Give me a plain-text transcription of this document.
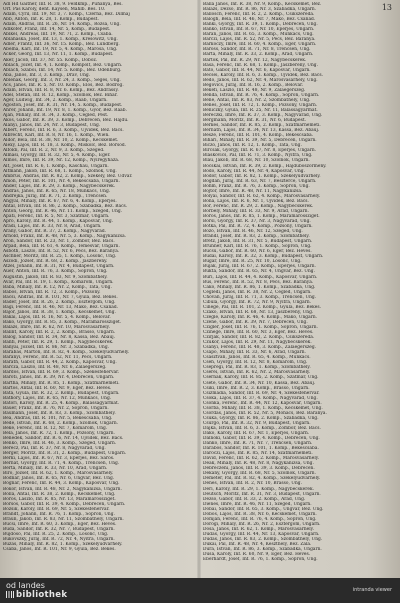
13
Adl Hd Gaither, Inf. R. 38, 9. Feldkmp., Puhanya, Bes.
Orf. Pas Karoly, dent. Kaysen, Mahlb. Bes. 10.
Adam, Cyril, Inf. 19, Nr. 3, 7. Komp., Czerna, Bez. Dilmaj
Abb, Anton, Inf. R. 28, 1. Komp., Budapest.
Adam, Andras, Inf. R. 26, Nr. 14. Komp., Rozsa, Ung.
Adlkofer, Franz, Inf. 14, Nr. 5, Komp., Budapest.
Ablkel, Andreas, Inf. 19, Nr. 71, 2. Komp., Csaba.
Ablahaska, Josef, Inf. 13, 1. Komp., Kresowitz, Ung.
Adler, Frantz, Inf. 36, Nr. 15. Komp., Bez. Lundberg.
Abelha, Karl, Inf. 19, Nr. 5, 4. Komp., Marosa, Ung.
Acker, Georg, Inf. 13, Nr. 11, 1. Komp., Budapest.
Aker, Jacob, Inf. 37, Nr. 55. Komp., Doboz.
Ablach, Jozef, Inf. 4, 1. Komp., Kompolt, Bez. Ungarn.
Ablach, Szaboi, Inf. 14, Nr. 5. Komp., Bez. Odenburg.
Aba, Janos, Inf. 3, 3. Komp., Drav, Ung.
Ablenak, Georg, Inf. 3, Nr. 24, 3. Komp., Seges, Ung.
Acs, Janos, Inf. R. 5, Nr. 10. Komp., Elos, Bez. Bodrog.
Adam, Istvan, Inf. R. 8, Nr. 6. Komp., Bez. Andrassy.
Adel, Stefan, Inf. R. 12, Komp., Szolnok, Bez. Bihar.
Ager, Ludwig, Inf. 34, 2. Komp., Raab, Ungarn.
Agoston, Josef, Inf. R. 31, Nr. 14, 5. Komp., Budapest.
Ahrer, Johann, Inf. 19, Nr. 8, 1. Komp., Gyor, Bez. Raab.
Ajan, Mihaly, Inf. R. 34, 3. Komp., Cegled, Pest.
Akos, Gabor, Inf. R. 39, 3. Komp., Debrecen, Bez. Hajdu.
Alanyi, Janos, Inf. 24, Nr. 3, Budapest, Ung.
Albert, Ferenc, Inf. R. 6, 3. Komp., Ujvidek, Bez. Bacs.
Albrecht, Karl, Inf. R. 8, Nr. 16, 1. Komp., Wien.
Aldor, Bela, Inf. R. 38, Nr. 10, 2. Komp., Kecskemet.
Alexy, Lajos, Inf. R. 18, 3. Komp., Miskolc, Bez. Borsod.
Alfoldi, Pal, Inf. R. 2, Nr. 9, 3. Komp., Szeged.
Almasi, Gyorgy, Inf. R. 32, Nr. 5, 4. Komp., Eger.
Almos, Imre, Inf. R. 39, Nr. 12, Komp., Nyiregyhaza.
Alt, Josef, Inf. R. 6, 1. Komp., Kaschau, Ungarn.
Altmann, Jakob, Inf. R. 68, 1. Komp., Szolnok, Ung.
Ambrus, Andras, Inf. R. 82, 2. Komp., Szekely, Bez. Udvar.
Amon, Peter, Inf. R. 101, Nr. 4, Bekescsaba, Ungarn.
Ander, Lajos, Inf. R. 29, 3. Komp., Nagybecskerek.
Andras, Janos, Inf. R. 65, Nr. 18, Munkacs, Ung.
Andrejka, Juraj, Inf. R. 71, 2. Komp., Trencsen.
Angyal, Mihaly, Inf. R. 67, Nr. 6, 4. Komp., Eperjes.
Antal, Istvan, Inf. R. 86, 2. Komp., Szabadka, Bez. Bacs.
Anton, Georg, Inf. R. 46, Nr. 11. Komp., Szeged, Ung.
Apati, Ferenc, Inf. R. 5, Nr. 3, Szatmar, Ungarn.
Apro, Karoly, Inf. R. 44, 1. Komp., Kaposvar, Ung.
Aradi, Lajos, Inf. R. 33, Nr. 8, Arad, Ungarn.
Arany, Gabor, Inf. R. 37, 2. Komp., Nagyvarad.
Arnold, Franz, Inf. R. 48, Nr. 5, 3. Komp., Nagykanizsa.
Aron, Sandor, Inf. R. 23, Nr. 1, Zombor, Bez. Bacs.
Arpad, Bela, Inf. R. 61, 4. Komp., Temesvar, Ungarn.
Asboth, Laszlo, Inf. R. 52, Nr. 6, Pecs, Bez. Baranya.
Aschner, Moritz, Inf. R. 25, 1. Komp., Losonc, Ung.
Aszodi, Jozsef, Inf. R. 68, 2. Komp., Jaszbereny.
Atzel, Johann, Inf. R. 31, Nr. 4, Budapest, Ungarn.
Auer, Anton, Inf. R. 76, 3. Komp., Sopron, Ung.
Augustin, Jakob, Inf. R. 83, Nr. 9, Szombathely.
Avar, Pal, Inf. R. 19, 1. Komp., Komarom, Ungarn.
Baba, Mihaly, Inf. R. 12, Nr. 2, Komp., Tata, Ung.
Babos, Istvan, Inf. R. 72, 3. Komp., Pozsony.
Bacsi, Andras, Inf. R. 101, Nr. 7, Gyula, Bez. Bekes.
Bader, Josef, Inf. R. 26, 2. Komp., Esztergom, Ung.
Bagi, Ferenc, Inf. R. 46, Nr. 13, Mako, Bez. Csanad.
Bajor, Janos, Inf. R. 38, 1. Komp., Kecskemet, Ung.
Bakai, Lajos, Inf. R. 16, Nr. 5, 4. Komp., Belovar.
Bako, Gyorgy, Inf. R. 85, 3. Komp., Maramarossziget.
Balazs, Imre, Inf. R. 62, Nr. 10, Marosvasarhely.
Balint, Karoly, Inf. R. 2, 2. Komp., Brasso, Ungarn.
Balog, Sandor, Inf. R. 34, Nr. 8, Kassa, Bez. Abauj.
Banfi, Peter, Inf. R. 29, 1. Komp., Nagybecskerek.
Banyai, Jozsef, Inf. R. 86, Nr. 3, Szabadka, Ung.
Barabas, Marton, Inf. R. 82, 4. Komp., Szekelyudvarhely.
Baranyi, Ferenc, Inf. R. 52, Nr. 11, Pecs, Ungarn.
Barath, Gabor, Inf. R. 44, 2. Komp., Kaposvar, Ung.
Barcza, Laszlo, Inf. R. 48, Nr. 6, Zalaegerszeg.
Bardos, Istvan, Inf. R. 69, 3. Komp., Szekesfehervar.
Baroti, Janos, Inf. R. 39, Nr. 4, Debrecen, Ungarn.
Bartha, Mihaly, Inf. R. 85, 1. Komp., Szatmarnemeti.
Bartos, Antal, Inf. R. 60, Nr. 9, Eger, Bez. Heves.
Bata, Gyula, Inf. R. 32, 2. Komp., Budapest, Ungarn.
Bathory, Lajos, Inf. R. 65, Nr. 12, Munkacs, Ung.
Batori, Karoly, Inf. R. 25, 4. Komp., Balassagyarmat.
Bauer, Franz, Inf. R. 76, Nr. 2, Sopron, Ungarn.
Baumann, Josef, Inf. R. 83, 3. Komp., Szombathely.
Bea, Andras, Inf. R. 101, Nr. 5, Bekescsaba, Ung.
Bede, Istvan, Inf. R. 68, 2. Komp., Szolnok, Ungarn.
Beke, Ferenc, Inf. R. 12, Nr. 7, Komarom, Ung.
Bela, Janos, Inf. R. 72, 1. Komp., Pozsony, Ungarn.
Benedek, Sandor, Inf. R. 6, Nr. 14, Ujvidek, Bez. Bacs.
Benko, Imre, Inf. R. 46, 3. Komp., Szeged, Ungarn.
Berecz, Pal, Inf. R. 37, Nr. 8, Nagyvarad, Ung.
Berger, Moritz, Inf. R. 31, 2. Komp., Budapest, Ungarn.
Berki, Lajos, Inf. R. 67, Nr. 3, Eperjes, Bez. Saros.
Bernat, Gyorgy, Inf. R. 71, 4. Komp., Trencsen, Ung.
Berta, Mihaly, Inf. R. 33, Nr. 10, Arad, Ungarn.
Biro, Jozsef, Inf. R. 62, 1. Komp., Marosvasarhely.
Bodnar, Janos, Inf. R. 65, Nr. 6, Ungvar, Bez. Ung.
Bognar, Ferenc, Inf. R. 44, 3. Komp., Kaposvar, Ung.
Bokor, Istvan, Inf. R. 48, Nr. 2, Nagykanizsa, Ungarn.
Bolla, Antal, Inf. R. 38, 2. Komp., Kecskemet, Ung.
Boros, Laszlo, Inf. R. 85, Nr. 13, Maramarossziget.
Borsos, Gabor, Inf. R. 39, 4. Komp., Debrecen, Ungarn.
Bozsik, Karoly, Inf. R. 69, Nr. 5, Szekesfehervar.
Brandt, Johann, Inf. R. 76, 1. Komp., Sopron, Ung.
Braun, Jakob, Inf. R. 83, Nr. 11, Szombathely, Ungarn.
Bucsi, Imre, Inf. R. 60, 3. Komp., Eger, Bez. Heves.
Buda, Sandor, Inf. R. 32, Nr. 7, Budapest, Ungarn.
Bujdoso, Pal, Inf. R. 25, 2. Komp., Losonc, Ung.
Bukovszky, Juraj, Inf. R. 72, Nr. 4, Nyitra, Ungarn.
Buzas, Mihaly, Inf. R. 82, 1. Komp., Szekelyudvarhely.
Csaba, Janos, Inf. R. 101, Nr. 9, Gyula, Bez. Bekes.
Balla Janos, Inf. R. 38, Nr. 9, Komp., Kecskemet, Bez.
Balazs, Dezso, Inf. R. 86, Nr. 3, Szabadka, Ungarn.
Ballosch, Ferenc, Inf. R. 2, 2. Komp., Csikszereda.
Balogh, Bela, Inf. R. 46, Nr. 7, Mako, Bez. Csanad.
Banki, Gyorgy, Inf. R. 39, 1. Komp., Debrecen, Ung.
Banko, Istvan, Inf. R. 67, Nr. 10, Eperjes, Ungarn.
Baran, Janos, Inf. R. 65, 3. Komp., Munkacs, Ung.
Barczi, Lajos, Inf. R. 52, Nr. 5, Pecs, Bez. Baranya.
Barkoczy, Imre, Inf. R. 60, 4. Komp., Eger, Ungarn.
Baross, Sandor, Inf. R. 71, Nr. 8, Trencsen, Ung.
Barta, Mihaly, Inf. R. 33, 2. Komp., Arad, Ungarn.
Bartok, Pal, Inf. R. 29, Nr. 12, Nagybecskerek.
Basa, Ferenc, Inf. R. 68, 1. Komp., Jaszbereny, Ung.
Bato, Gabor, Inf. R. 44, Nr. 6, Kaposvar, Ungarn.
Becsei, Karoly, Inf. R. 6, 3. Komp., Ujvidek, Bez. Bacs.
Bedo, Janos, Inf. R. 62, Nr. 4, Marosvasarhely, Ung.
Begovics, Juraj, Inf. R. 16, 2. Komp., Belovar.
Bekefi, Laszlo, Inf. R. 48, Nr. 9, Zalaegerszeg.
Benda, Istvan, Inf. R. 76, 4. Komp., Sopron, Ungarn.
Bene, Antal, Inf. R. 83, Nr. 2, Szombathely, Ung.
Benes, Josef, Inf. R. 72, 1. Komp., Pozsony, Ungarn.
Beniczky, Gyula, Inf. R. 25, Nr. 11, Balassagyarmat.
Bereczki, Imre, Inf. R. 37, 3. Komp., Nagyvarad, Ung.
Bergmann, Moritz, Inf. R. 31, Nr. 6, Budapest.
Berkes, Sandor, Inf. R. 85, 2. Komp., Szatmarnemeti.
Bernath, Lajos, Inf. R. 34, Nr. 13, Kassa, Bez. Abauj.
Besze, Ferenc, Inf. R. 101, 4. Komp., Bekescsaba.
Bihari, Mihaly, Inf. R. 39, Nr. 5, Debrecen, Ungarn.
Biczo, Janos, Inf. R. 12, 1. Komp., Tata, Ung.
Bircsak, Gyorgy, Inf. R. 67, Nr. 8, Eperjes, Ungarn.
Blaskovics, Pal, Inf. R. 71, 3. Komp., Nyitra, Ung.
Blau, Jakob, Inf. R. 68, Nr. 10, Szolnok, Ungarn.
Bocskai, Istvan, Inf. R. 39, 2. Komp., Hajduboszormeny.
Bodo, Karoly, Inf. R. 44, Nr. 4, Kaposvar, Ung.
Bodor, Gabor, Inf. R. 82, 1. Komp., Szekelyudvarhely.
Bogdan, Juraj, Inf. R. 63, Nr. 7, Beszterce, Ungarn.
Bohm, Franz, Inf. R. 76, 3. Komp., Sopron, Ung.
Bojtor, Imre, Inf. R. 48, Nr. 11, Nagykanizsa.
Bolyai, Sandor, Inf. R. 62, 4. Komp., Marosvasarhely.
Bona, Lajos, Inf. R. 6, Nr. 1, Ujvidek, Bez. Bacs.
Bor, Ferenc, Inf. R. 29, 2. Komp., Nagybecskerek.
Borbely, Mihaly, Inf. R. 33, Nr. 9, Arad, Ungarn.
Boros, Janos, Inf. R. 85, 1. Komp., Maramarossziget.
Borsi, Gyorgy, Inf. R. 37, Nr. 3, Nagyvarad, Ung.
Botka, Pal, Inf. R. 72, 4. Komp., Pozsony, Ungarn.
Bozo, Istvan, Inf. R. 46, Nr. 12, Szeged, Ung.
Brandl, Josef, Inf. R. 83, 2. Komp., Szombathely.
Bretz, Jakob, Inf. R. 31, Nr. 5, Budapest, Ungarn.
Brunner, Karl, Inf. R. 76, 1. Komp., Sopron, Ung.
Bucsu, Gabor, Inf. R. 60, Nr. 6, Eger, Bez. Heves.
Budai, Karoly, Inf. R. 32, 3. Komp., Budapest, Ungarn.
Bugar, Imre, Inf. R. 25, Nr. 10, Losonc, Ung.
Bujak, Juraj, Inf. R. 67, 2. Komp., Eperjes, Ungarn.
Bukta, Sandor, Inf. R. 65, Nr. 4, Ungvar, Bez. Ung.
Buri, Lajos, Inf. R. 44, 4. Komp., Kaposvar, Ungarn.
Bus, Ferenc, Inf. R. 52, Nr. 8, Pecs, Bez. Baranya.
Cakó, Mihaly, Inf. R. 86, 1. Komp., Szabadka, Ung.
Cegledi, Janos, Inf. R. 38, Nr. 2, Cegled, Ungarn.
Chovan, Juraj, Inf. R. 71, 3. Komp., Trencsen, Ung.
Cibula, Gyorgy, Inf. R. 72, Nr. 9, Nyitra, Ungarn.
Cinege, Pal, Inf. R. 101, 2. Komp., Gyula, Bez. Bekes.
Czako, Istvan, Inf. R. 68, Nr. 13, Jaszbereny, Ung.
Czegle, Karoly, Inf. R. 46, 4. Komp., Mako, Ungarn.
Czene, Gabor, Inf. R. 39, Nr. 7, Debrecen, Ung.
Czigler, Josef, Inf. R. 76, 1. Komp., Sopron, Ungarn.
Czinege, Imre, Inf. R. 60, Nr. 3, Eger, Bez. Heves.
Czirjak, Sandor, Inf. R. 82, 2. Komp., Csikszereda.
Czukor, Lajos, Inf. R. 29, Nr. 11, Nagybecskerek.
Csanyi, Ferenc, Inf. R. 48, 3. Komp., Zalaegerszeg.
Csapo, Mihaly, Inf. R. 33, Nr. 6, Arad, Ungarn.
Csasztvan, Janos, Inf. R. 65, 4. Komp., Munkacs.
Cseh, Gyorgy, Inf. R. 12, Nr. 8, Komarom, Ung.
Csepregi, Pal, Inf. R. 83, 1. Komp., Szombathely.
Cserei, Istvan, Inf. R. 62, Nr. 2, Marosvasarhely.
Csernak, Karoly, Inf. R. 85, 2. Komp., Szatmar, Ung.
Csete, Gabor, Inf. R. 34, Nr. 10, Kassa, Bez. Abauj.
Csiki, Imre, Inf. R. 2, 3. Komp., Brasso, Ungarn.
Csizmadia, Sandor, Inf. R. 69, Nr. 4, Szekesfehervar.
Csoka, Lajos, Inf. R. 37, 4. Komp., Nagyvarad, Ung.
Csonka, Ferenc, Inf. R. 44, Nr. 12, Kaposvar, Ungarn.
Csorba, Mihaly, Inf. R. 38, 1. Komp., Kecskemet, Ung.
Csordas, Janos, Inf. R. 52, Nr. 5, Mohacs, Bez. Baranya.
Csuka, Gyorgy, Inf. R. 86, 2. Komp., Szabadka, Ung.
Csurgo, Pal, Inf. R. 32, Nr. 9, Budapest, Ungarn.
Dajka, Istvan, Inf. R. 6, 3. Komp., Zombor, Bez. Bacs.
Dako, Karoly, Inf. R. 67, Nr. 1, Eperjes, Ungarn.
Dalnoki, Gabor, Inf. R. 39, 4. Komp., Debrecen, Ung.
Danko, Imre, Inf. R. 71, Nr. 7, Trencsen, Ungarn.
Darabos, Sandor, Inf. R. 101, 1. Komp., Bekescsaba.
Daroczi, Lajos, Inf. R. 85, Nr. 14, Szatmarnemeti.
David, Ferenc, Inf. R. 62, 2. Komp., Marosvasarhely.
Deak, Mihaly, Inf. R. 48, Nr. 8, Nagykanizsa, Ung.
Debreczeni, Janos, Inf. R. 39, 3. Komp., Debrecen.
Dekany, Gyorgy, Inf. R. 68, Nr. 5, Szolnok, Ungarn.
Demeter, Pal, Inf. R. 82, 4. Komp., Szekelyudvarhely.
Denes, Istvan, Inf. R. 2, Nr. 10, Brasso, Ung.
Deri, Karoly, Inf. R. 29, 1. Komp., Nagybecskerek.
Deutsch, Moritz, Inf. R. 31, Nr. 3, Budapest, Ungarn.
Dezso, Gabor, Inf. R. 33, 2. Komp., Arad, Ung.
Dienes, Imre, Inf. R. 46, Nr. 11, Szeged, Ungarn.
Dobai, Sandor, Inf. R. 65, 3. Komp., Ungvar, Bez. Ung.
Dobos, Lajos, Inf. R. 38, Nr. 6, Kecskemet, Ungarn.
Domjan, Ferenc, Inf. R. 76, 4. Komp., Sopron, Ung.
Dorogi, Mihaly, Inf. R. 26, Nr. 2, Esztergom, Ungarn.
Dosa, Janos, Inf. R. 62, 1. Komp., Marosvasarhely.
Dudas, Gyorgy, Inf. R. 44, Nr. 13, Kaposvar, Ungarn.
Dudas, Janos, Inf. R. 83, 2. Komp., Szombathely, Ung.
Dukai, Pal, Inf. R. 48, Nr. 4, Keszthely, Bez. Zala.
Dura, Istvan, Inf. R. 86, 3. Komp., Szabadka, Ungarn.
Dusa, Karoly, Inf. R. 60, Nr. 9, Eger, Bez. Heves.
Eberhardt, Josef, Inf. R. 76, 1. Komp., Sopron, Ung.
od landes
bibliothek	intranda viewer
